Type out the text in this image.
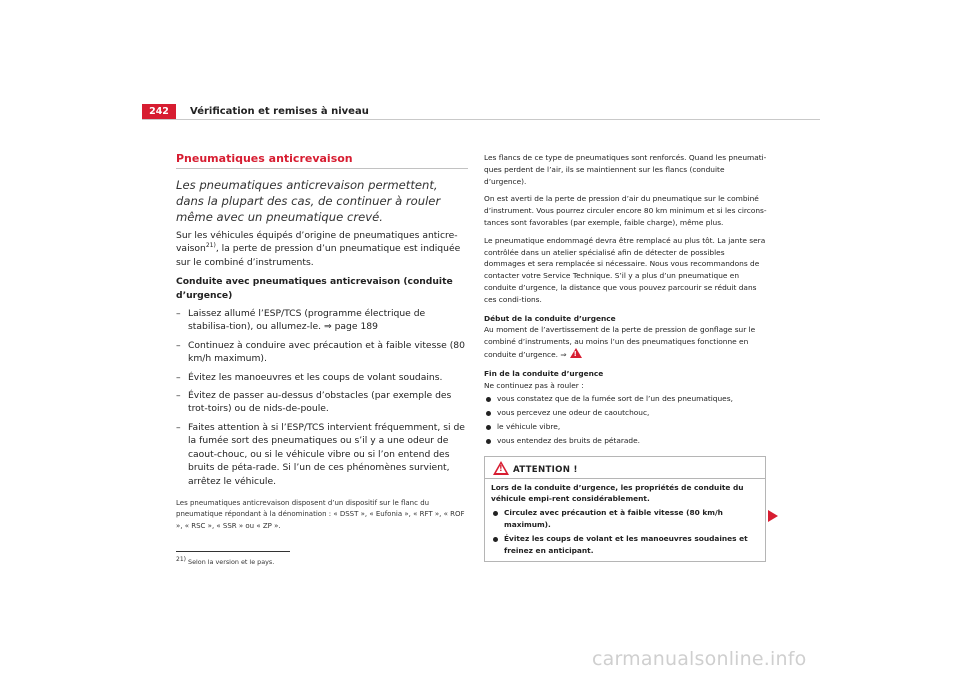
242	Vérification et remises à niveau
Pneumatiques anticrevaison
Les pneumatiques anticrevaison permettent, dans la plupart des cas, de continuer à rouler même avec un pneumatique crevé.
Sur les véhicules équipés d’origine de pneumatiques anticre-vaison$^{21)}$, la perte de pression d’un pneumatique est indiquée sur le combiné d’instruments.
Conduite avec pneumatiques anticrevaison (conduite d’urgence)
– Laissez allumé l’ESP/TCS (programme électrique de stabilisa-tion), ou allumez-le. ⇒ page 189
– Continuez à conduire avec précaution et à faible vitesse (80 km/h maximum).
– Évitez les manoeuvres et les coups de volant soudains.
– Évitez de passer au-dessus d’obstacles (par exemple des trot-toirs) ou de nids-de-poule.
– Faites attention à si l’ESP/TCS intervient fréquemment, si de la fumée sort des pneumatiques ou s’il y a une odeur de caout-chouc, ou si le véhicule vibre ou si l’on entend des bruits de péta-rade. Si l’un de ces phénomènes survient, arrêtez le véhicule.
Les pneumatiques anticrevaison disposent d’un dispositif sur le flanc du pneumatique répondant à la dénomination : « DSST », « Eufonia », « RFT », « ROF », « RSC », « SSR » ou « ZP ».
$^{21)}$ Selon la version et le pays.
Les flancs de ce type de pneumatiques sont renforcés. Quand les pneumati-ques perdent de l’air, ils se maintiennent sur les flancs (conduite d’urgence).
On est averti de la perte de pression d’air du pneumatique sur le combiné d’instrument. Vous pourrez circuler encore 80 km minimum et si les circons-tances sont favorables (par exemple, faible charge), même plus.
Le pneumatique endommagé devra être remplacé au plus tôt. La jante sera contrôlée dans un atelier spécialisé afin de détecter de possibles dommages et sera remplacée si nécessaire. Nous vous recommandons de contacter votre Service Technique. S’il y a plus d’un pneumatique en conduite d’urgence, la distance que vous pouvez parcourir se réduit dans ces condi-tions.
Début de la conduite d’urgence
Au moment de l’avertissement de la perte de pression de gonflage sur le combiné d’instruments, au moins l’un des pneumatiques fonctionne en conduite d’urgence. ⇒!
Fin de la conduite d’urgence
Ne continuez pas à rouler :
vous constatez que de la fumée sort de l’un des pneumatiques,
vous percevez une odeur de caoutchouc,
le véhicule vibre,
vous entendez des bruits de pétarade.
! ATTENTION !
Lors de la conduite d’urgence, les propriétés de conduite du véhicule empi-rent considérablement.
Circulez avec précaution et à faible vitesse (80 km/h maximum).
Évitez les coups de volant et les manoeuvres soudaines et freinez en anticipant.
carmanualsonline.info
